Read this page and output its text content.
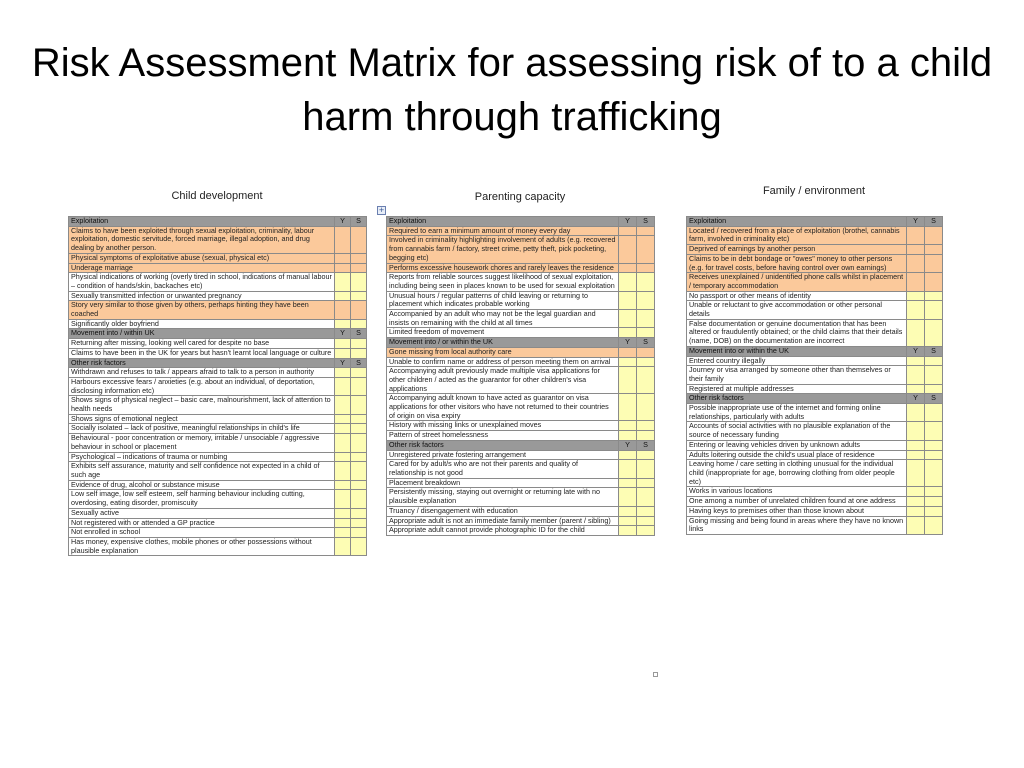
Risk Assessment Matrix for assessing risk of to a child harm through trafficking
Child development
Exploitation	Y	S
Claims to have been exploited through sexual exploitation, criminality, labour exploitation, domestic servitude, forced marriage, illegal adoption, and drug dealing by another person.		
Physical symptoms of exploitative abuse (sexual, physical etc)		
Underage marriage		
Physical indications of working (overly tired in school, indications of manual labour – condition of hands/skin, backaches etc)		
Sexually transmitted infection or unwanted pregnancy		
Story very similar to those given by others, perhaps hinting they have been coached		
Significantly older boyfriend		
Movement into / within UK	Y	S
Returning after missing, looking well cared for despite no base		
Claims to have been in the UK for years but hasn't learnt local language or culture		
Other risk factors	Y	S
Withdrawn and refuses to talk / appears afraid to talk to a person in authority		
Harbours excessive fears / anxieties (e.g. about an individual, of deportation, disclosing information etc)		
Shows signs of physical neglect – basic care, malnourishment, lack of attention to health needs		
Shows signs of emotional neglect		
Socially isolated – lack of positive, meaningful relationships in child's life		
Behavioural - poor concentration or memory, irritable / unsociable / aggressive behaviour in school or placement		
Psychological – indications of trauma or numbing		
Exhibits self assurance, maturity and self confidence not expected in a child of such age		
Evidence of drug, alcohol or substance misuse		
Low self image, low self esteem, self harming behaviour including cutting, overdosing, eating disorder, promiscuity		
Sexually active		
Not registered with or attended a GP practice		
Not enrolled in school		
Has money, expensive clothes, mobile phones or other possessions without plausible explanation		
+
Parenting capacity
Exploitation	Y	S
Required to earn a minimum amount of money every day		
Involved in criminality highlighting involvement of adults (e.g. recovered from cannabis farm / factory, street crime, petty theft, pick pocketing, begging etc)		
Performs excessive housework chores and rarely leaves the residence		
Reports from reliable sources suggest likelihood of sexual exploitation, including being seen in places known to be used for sexual exploitation		
Unusual hours / regular patterns of child leaving or returning to placement which indicates probable working		
Accompanied by an adult who may not be the legal guardian and insists on remaining with the child at all times		
Limited freedom of movement		
Movement into / or within the UK	Y	S
Gone missing from local authority care		
Unable to confirm name or address of person meeting them on arrival		
Accompanying adult previously made multiple visa applications for other children / acted as the guarantor for other children's visa applications		
Accompanying adult known to have acted as guarantor on visa applications for other visitors who have not returned to their countries of origin on visa expiry		
History with missing links or unexplained moves		
Pattern of street homelessness		
Other risk factors	Y	S
Unregistered private fostering arrangement		
Cared for by adult/s who are not their parents and quality of relationship is not good		
Placement breakdown		
Persistently missing, staying out overnight or returning late with no plausible explanation		
Truancy / disengagement with education		
Appropriate adult is not an immediate family member (parent / sibling)		
Appropriate adult cannot provide photographic ID for the child		
Family / environment
Exploitation	Y	S
Located / recovered from a place of exploitation (brothel, cannabis farm, involved in criminality etc)		
Deprived of earnings by another person		
Claims to be in debt bondage or "owes" money to other persons (e.g. for travel costs, before having control over own earnings)		
Receives unexplained / unidentified phone calls whilst in placement / temporary accommodation		
No passport or other means of identity		
Unable or reluctant to give accommodation or other personal details		
False documentation or genuine documentation that has been altered or fraudulently obtained; or the child claims that their details (name, DOB) on the documentation are incorrect		
Movement into or within the UK	Y	S
Entered country illegally		
Journey or visa arranged by someone other than themselves or their family		
Registered at multiple addresses		
Other risk factors	Y	S
Possible inappropriate use of the internet and forming online relationships, particularly with adults		
Accounts of social activities with no plausible explanation of the source of necessary funding		
Entering or leaving vehicles driven by unknown adults		
Adults loitering outside the child's usual place of residence		
Leaving home / care setting in clothing unusual for the individual child (inappropriate for age, borrowing clothing from older people etc)		
Works in various locations		
One among a number of unrelated children found at one address		
Having keys to premises other than those known about		
Going missing and being found in areas where they have no known links		
